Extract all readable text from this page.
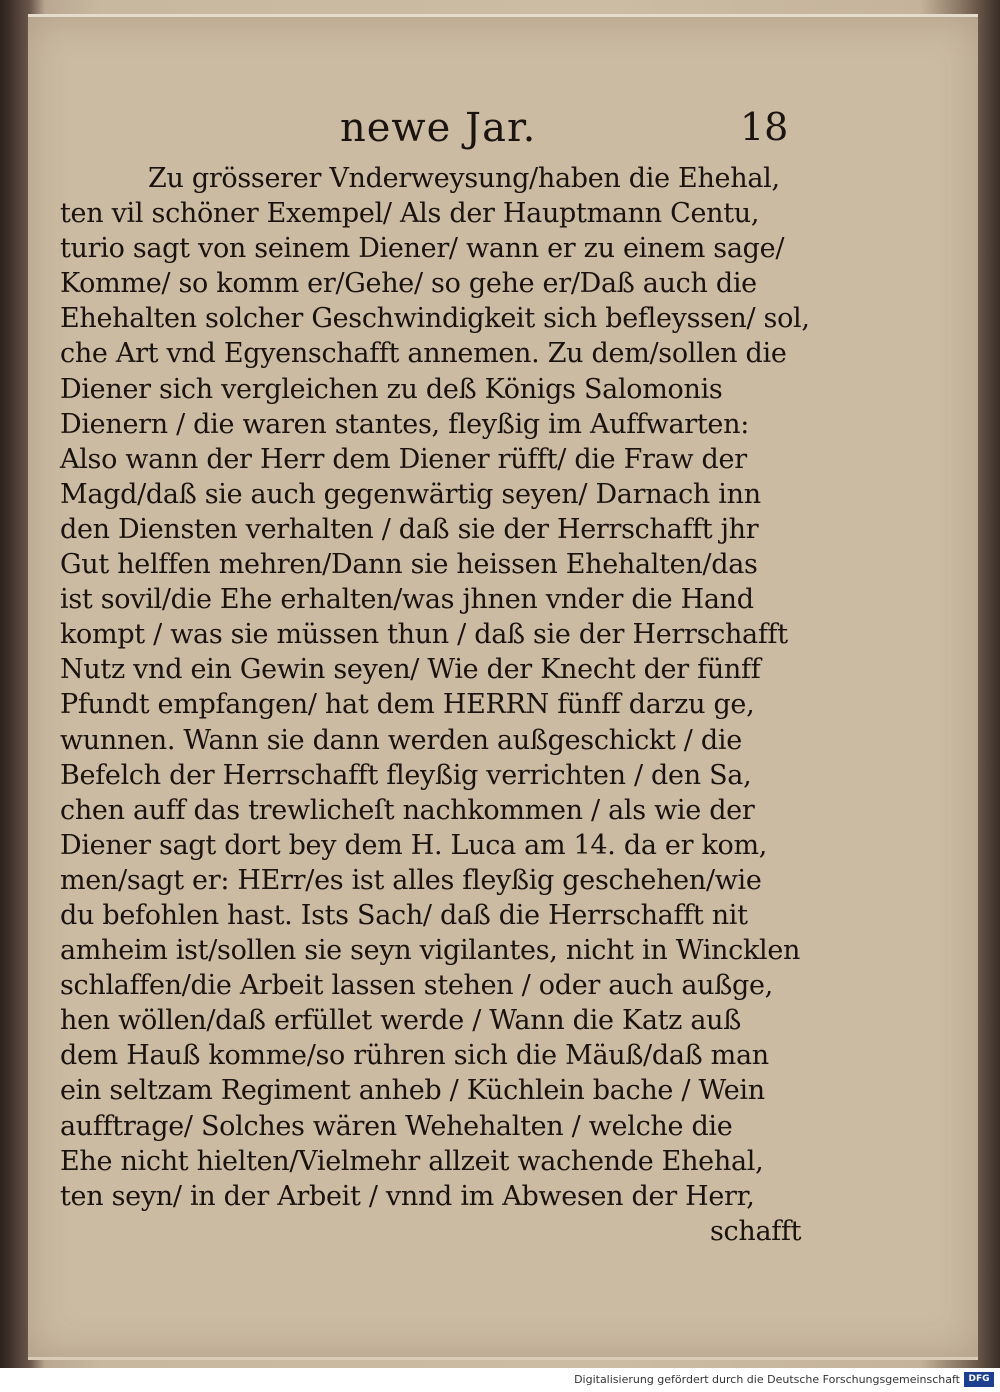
newe Jar.	18
Zu grösserer Vnderweysung/haben die Ehehal,
ten vil schöner Exempel/ Als der Hauptmann Centu,
turio sagt von seinem Diener/ wann er zu einem sage/
Komme/ so komm er/Gehe/ so gehe er/Daß auch die
Ehehalten solcher Geschwindigkeit sich befleyssen/ sol,
che Art vnd Egyenschafft annemen. Zu dem/sollen die
Diener sich vergleichen zu deß Königs Salomonis
Dienern / die waren stantes, fleyßig im Auffwarten:
Also wann der Herr dem Diener rüfft/ die Fraw der
Magd/daß sie auch gegenwärtig seyen/ Darnach inn
den Diensten verhalten / daß sie der Herrschafft jhr
Gut helffen mehren/Dann sie heissen Ehehalten/das
ist sovil/die Ehe erhalten/was jhnen vnder die Hand
kompt / was sie müssen thun / daß sie der Herrschafft
Nutz vnd ein Gewin seyen/ Wie der Knecht der fünff
Pfundt empfangen/ hat dem HERRN fünff darzu ge,
wunnen. Wann sie dann werden außgeschickt / die
Befelch der Herrschafft fleyßig verrichten / den Sa,
chen auff das trewlicheſt nachkommen / als wie der
Diener sagt dort bey dem H. Luca am 14. da er kom,
men/sagt er: HErr/es ist alles fleyßig geschehen/wie
du befohlen hast. Ists Sach/ daß die Herrschafft nit
amheim ist/sollen sie seyn vigilantes, nicht in Wincklen
schlaffen/die Arbeit lassen stehen / oder auch außge,
hen wöllen/daß erfüllet werde / Wann die Katz auß
dem Hauß komme/so rühren sich die Mäuß/daß man
ein seltzam Regiment anheb / Küchlein bache / Wein
aufftrage/ Solches wären Wehehalten / welche die
Ehe nicht hielten/Vielmehr allzeit wachende Ehehal,
ten seyn/ in der Arbeit / vnnd im Abwesen der Herr,
schafft
Digitalisierung gefördert durch die Deutsche Forschungsgemeinschaft DFG
